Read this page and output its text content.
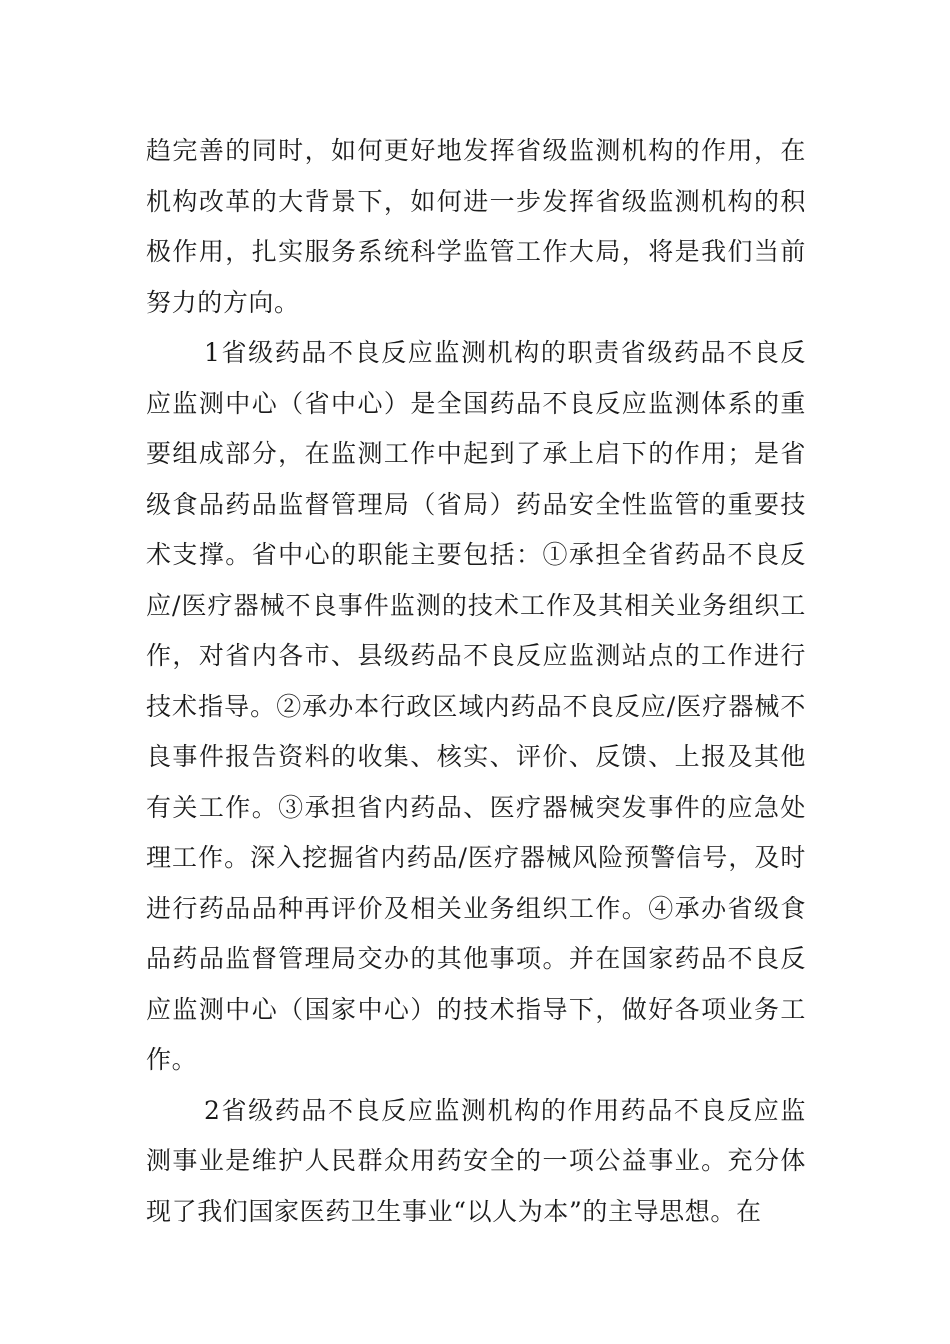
趋完善的同时，如何更好地发挥省级监测机构的作用，在机构改革的大背景下，如何进一步发挥省级监测机构的积极作用，扎实服务系统科学监管工作大局，将是我们当前努力的方向。

1省级药品不良反应监测机构的职责省级药品不良反应监测中心（省中心）是全国药品不良反应监测体系的重要组成部分，在监测工作中起到了承上启下的作用；是省级食品药品监督管理局（省局）药品安全性监管的重要技术支撑。省中心的职能主要包括：①承担全省药品不良反应/医疗器械不良事件监测的技术工作及其相关业务组织工作，对省内各市、县级药品不良反应监测站点的工作进行技术指导。②承办本行政区域内药品不良反应/医疗器械不良事件报告资料的收集、核实、评价、反馈、上报及其他有关工作。③承担省内药品、医疗器械突发事件的应急处理工作。深入挖掘省内药品/医疗器械风险预警信号，及时进行药品品种再评价及相关业务组织工作。④承办省级食品药品监督管理局交办的其他事项。并在国家药品不良反应监测中心（国家中心）的技术指导下，做好各项业务工作。

2省级药品不良反应监测机构的作用药品不良反应监测事业是维护人民群众用药安全的一项公益事业。充分体现了我们国家医药卫生事业“以人为本”的主导思想。在
